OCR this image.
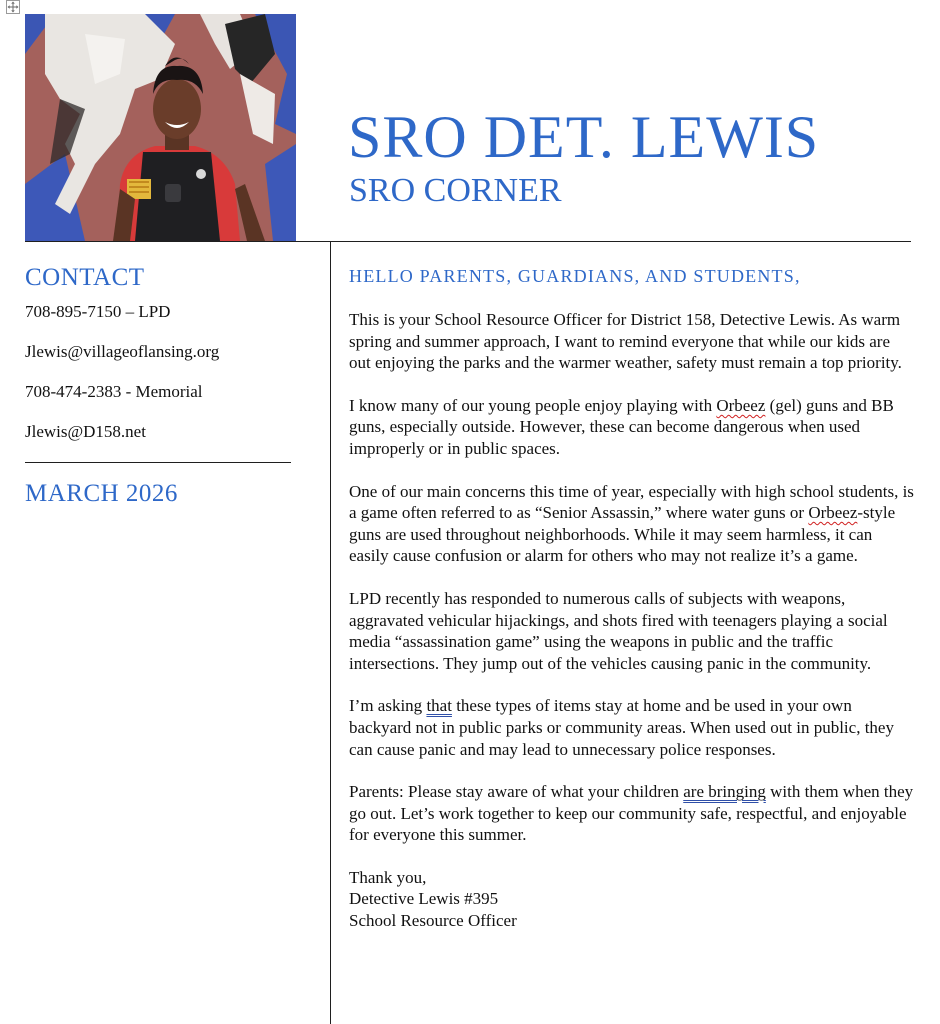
SRO DET. LEWIS
SRO CORNER
CONTACT
708-895-7150 – LPD
Jlewis@villageoflansing.org
708-474-2383 - Memorial
Jlewis@D158.net
MARCH 2026
HELLO PARENTS, GUARDIANS, AND STUDENTS,

This is your School Resource Officer for District 158, Detective Lewis. As warm spring and summer approach, I want to remind everyone that while our kids are out enjoying the parks and the warmer weather, safety must remain a top priority.

I know many of our young people enjoy playing with Orbeez (gel) guns and BB guns, especially outside. However, these can become dangerous when used improperly or in public spaces.

One of our main concerns this time of year, especially with high school students, is a game often referred to as “Senior Assassin,” where water guns or Orbeez-style guns are used throughout neighborhoods. While it may seem harmless, it can easily cause confusion or alarm for others who may not realize it’s a game.

LPD recently has responded to numerous calls of subjects with weapons, aggravated vehicular hijackings, and shots fired with teenagers playing a social media “assassination game” using the weapons in public and the traffic intersections. They jump out of the vehicles causing panic in the community.

I’m asking that these types of items stay at home and be used in your own backyard not in public parks or community areas. When used out in public, they can cause panic and may lead to unnecessary police responses.

Parents: Please stay aware of what your children are bringing with them when they go out. Let’s work together to keep our community safe, respectful, and enjoyable for everyone this summer.

Thank you,
Detective Lewis #395
School Resource Officer
